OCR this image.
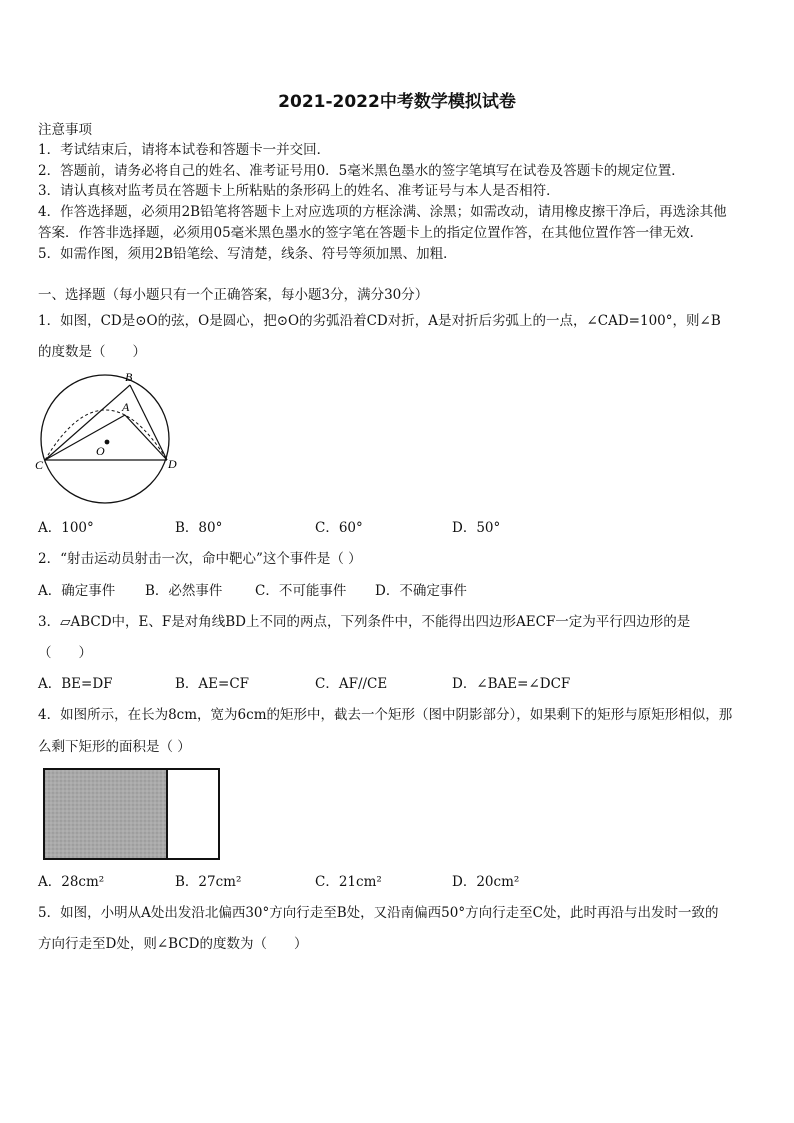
2021-2022中考数学模拟试卷
注意事项
1．考试结束后，请将本试卷和答题卡一并交回．
2．答题前，请务必将自己的姓名、准考证号用0．5毫米黑色墨水的签字笔填写在试卷及答题卡的规定位置．
3．请认真核对监考员在答题卡上所粘贴的条形码上的姓名、准考证号与本人是否相符．
4．作答选择题，必须用2B铅笔将答题卡上对应选项的方框涂满、涂黑；如需改动，请用橡皮擦干净后，再选涂其他
答案．作答非选择题，必须用05毫米黑色墨水的签字笔在答题卡上的指定位置作答，在其他位置作答一律无效．
5．如需作图，须用2B铅笔绘、写清楚，线条、符号等须加黑、加粗．
一、选择题（每小题只有一个正确答案，每小题3分，满分30分）
1．如图，CD是⊙O的弦，O是圆心，把⊙O的劣弧沿着CD对折，A是对折后劣弧上的一点，∠CAD=100°，则∠B
的度数是（　　）
B
A
O
C	D
A．100°	B．80°	C．60°	D．50°
2．“射击运动员射击一次，命中靶心”这个事件是（ ）
A．确定事件 B．必然事件 C．不可能事件 D．不确定事件
3．▱ABCD中，E、F是对角线BD上不同的两点，下列条件中，不能得出四边形AECF一定为平行四边形的是
（　　）
A．BE=DF	B．AE=CF	C．AF//CE	D．∠BAE=∠DCF
4．如图所示，在长为8cm，宽为6cm的矩形中，截去一个矩形（图中阴影部分），如果剩下的矩形与原矩形相似，那
么剩下矩形的面积是（ ）
A．28cm²	B．27cm²	C．21cm²	D．20cm²
5．如图，小明从A处出发沿北偏西30°方向行走至B处，又沿南偏西50°方向行走至C处，此时再沿与出发时一致的
方向行走至D处，则∠BCD的度数为（　　）
